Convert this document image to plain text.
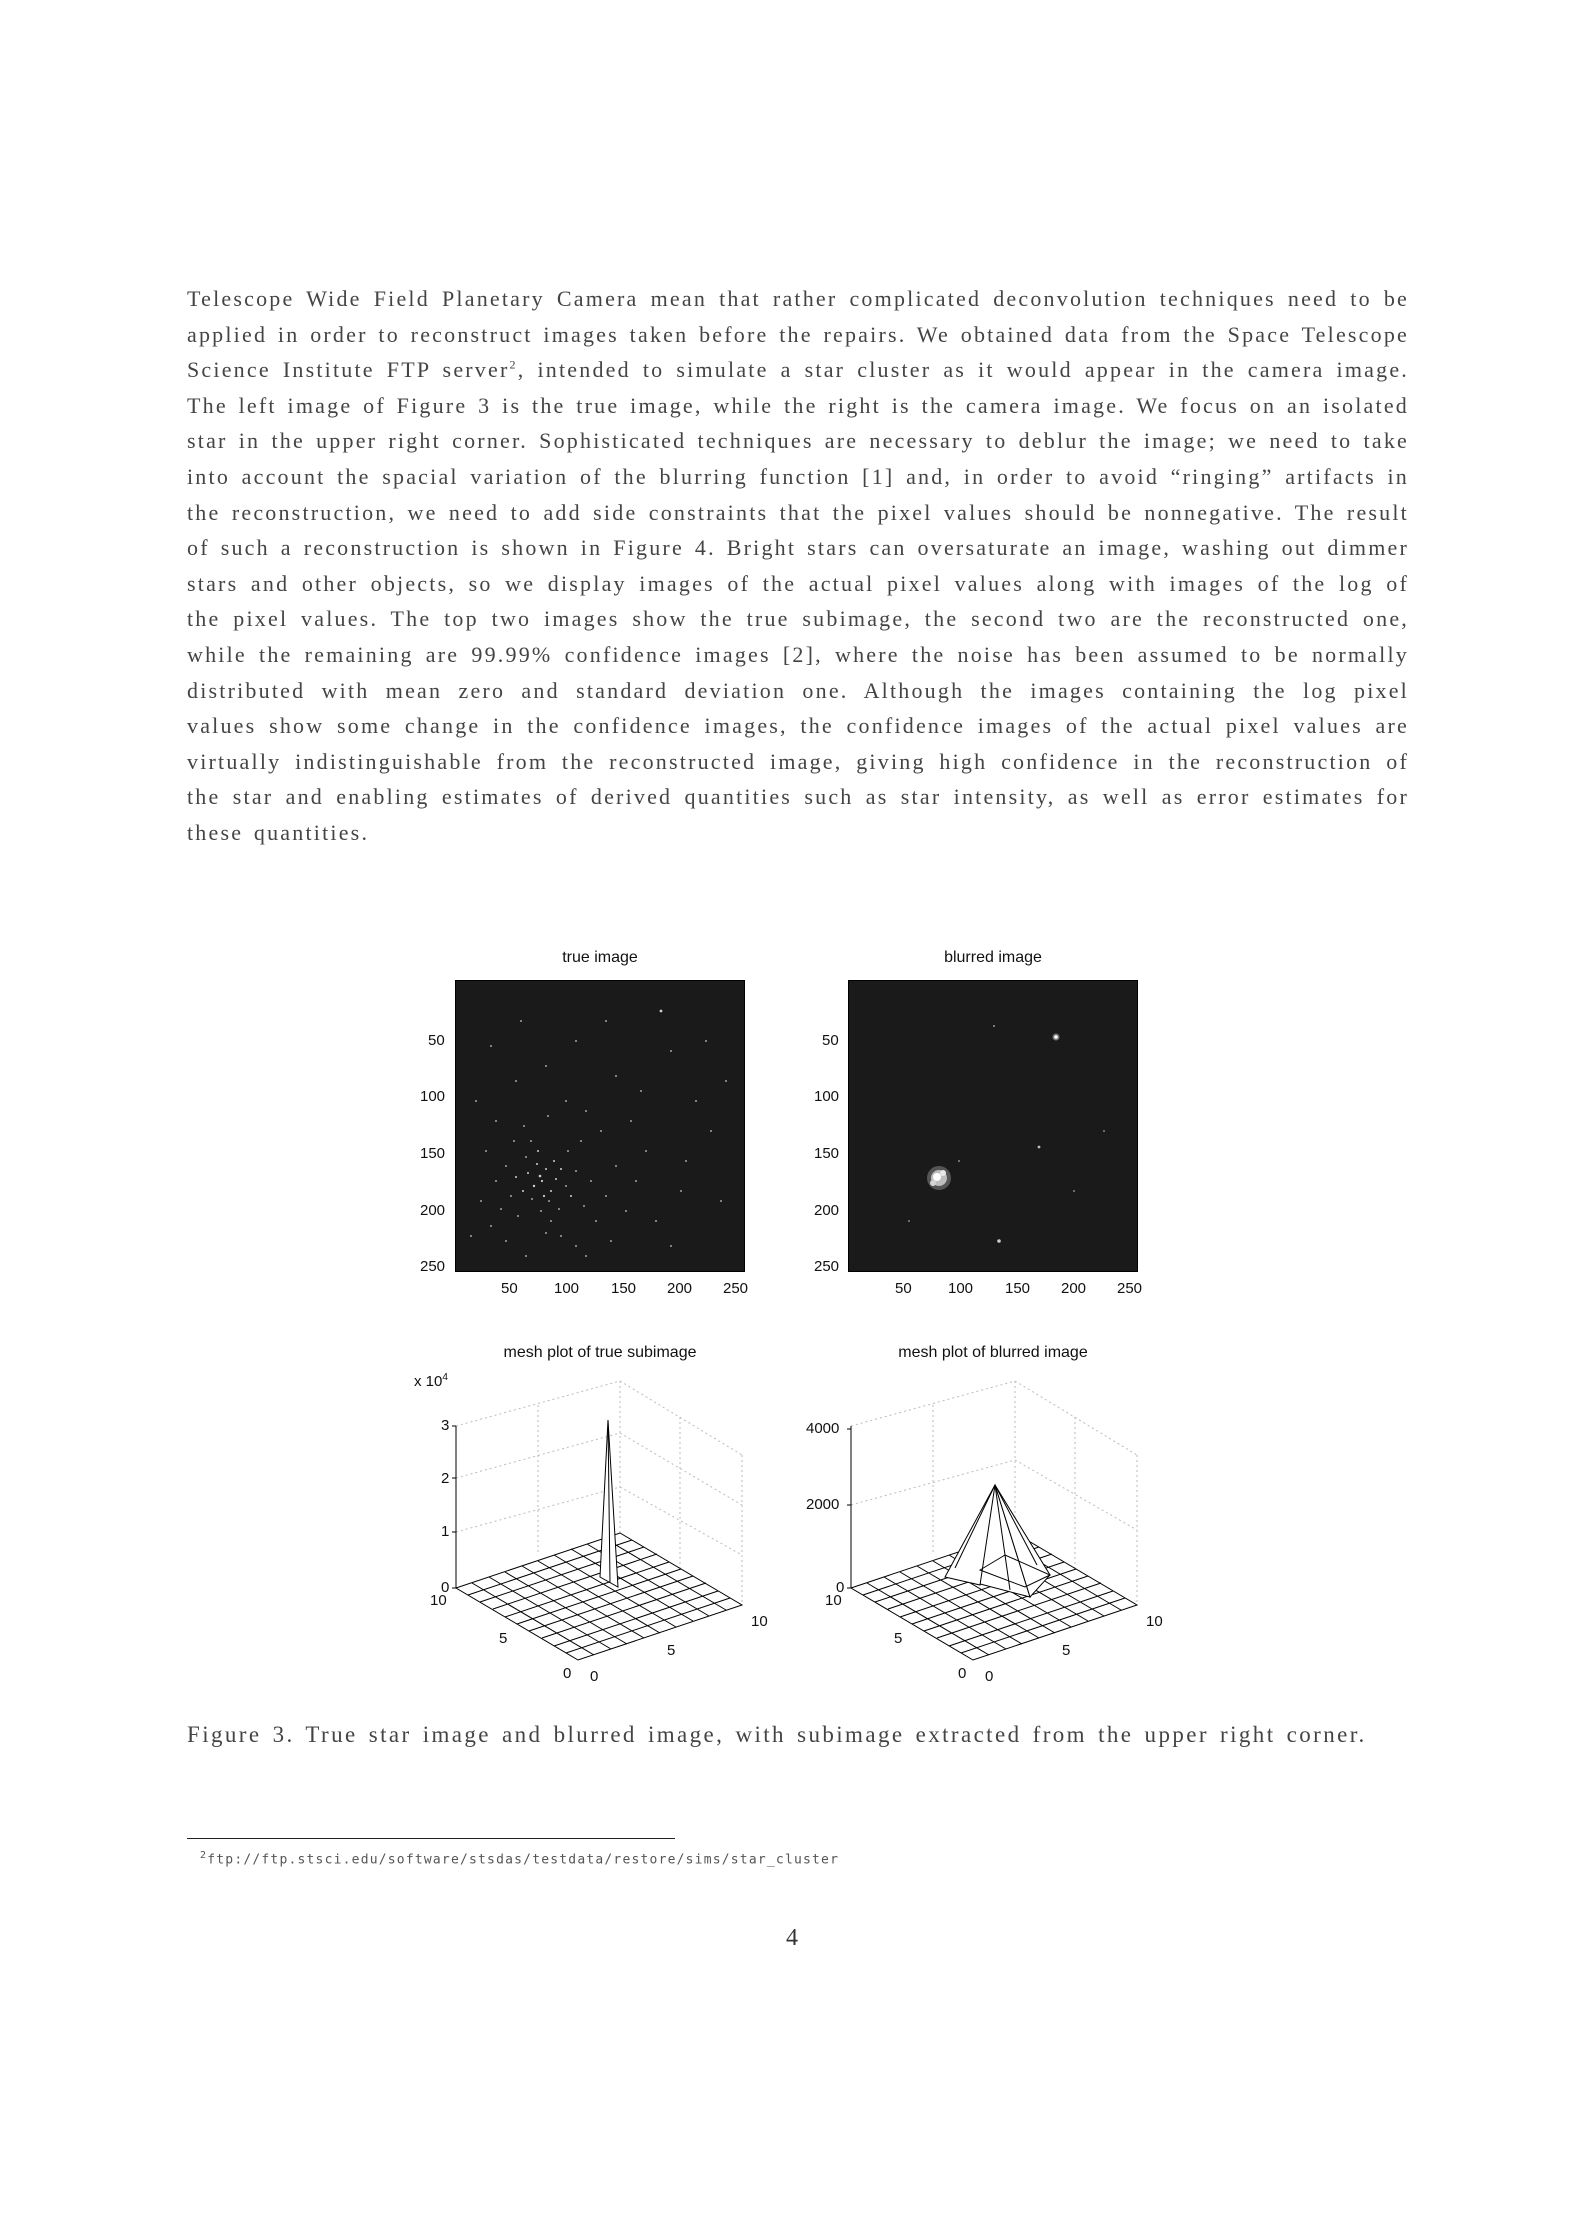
Telescope Wide Field Planetary Camera mean that rather complicated deconvolution techniques need to be applied in order to reconstruct images taken before the repairs. We obtained data from the Space Telescope Science Institute FTP server$^2$, intended to simulate a star cluster as it would appear in the camera image. The left image of Figure 3 is the true image, while the right is the camera image. We focus on an isolated star in the upper right corner. Sophisticated techniques are necessary to deblur the image; we need to take into account the spacial variation of the blurring function [1] and, in order to avoid “ringing” artifacts in the reconstruction, we need to add side constraints that the pixel values should be nonnegative. The result of such a reconstruction is shown in Figure 4. Bright stars can oversaturate an image, washing out dimmer stars and other objects, so we display images of the actual pixel values along with images of the log of the pixel values. The top two images show the true subimage, the second two are the reconstructed one, while the remaining are 99.99% confidence images [2], where the noise has been assumed to be normally distributed with mean zero and standard deviation one. Although the images containing the log pixel values show some change in the confidence images, the confidence images of the actual pixel values are virtually indistinguishable from the reconstructed image, giving high confidence in the reconstruction of the star and enabling estimates of derived quantities such as star intensity, as well as error estimates for these quantities.
true image
50
100
150
200
250
50 100 150 200 250
blurred image
50
100
150
200
250
50 100 150 200 250
mesh plot of true subimage
x $10^4$
3
2
1
0
10
5
0 0
5
10
mesh plot of blurred image
4000
2000
0
10
5
0 0
5
10
Figure 3. True star image and blurred image, with subimage extracted from the upper right corner.
$^2$ftp://ftp.stsci.edu/software/stsdas/testdata/restore/sims/star_cluster
4
